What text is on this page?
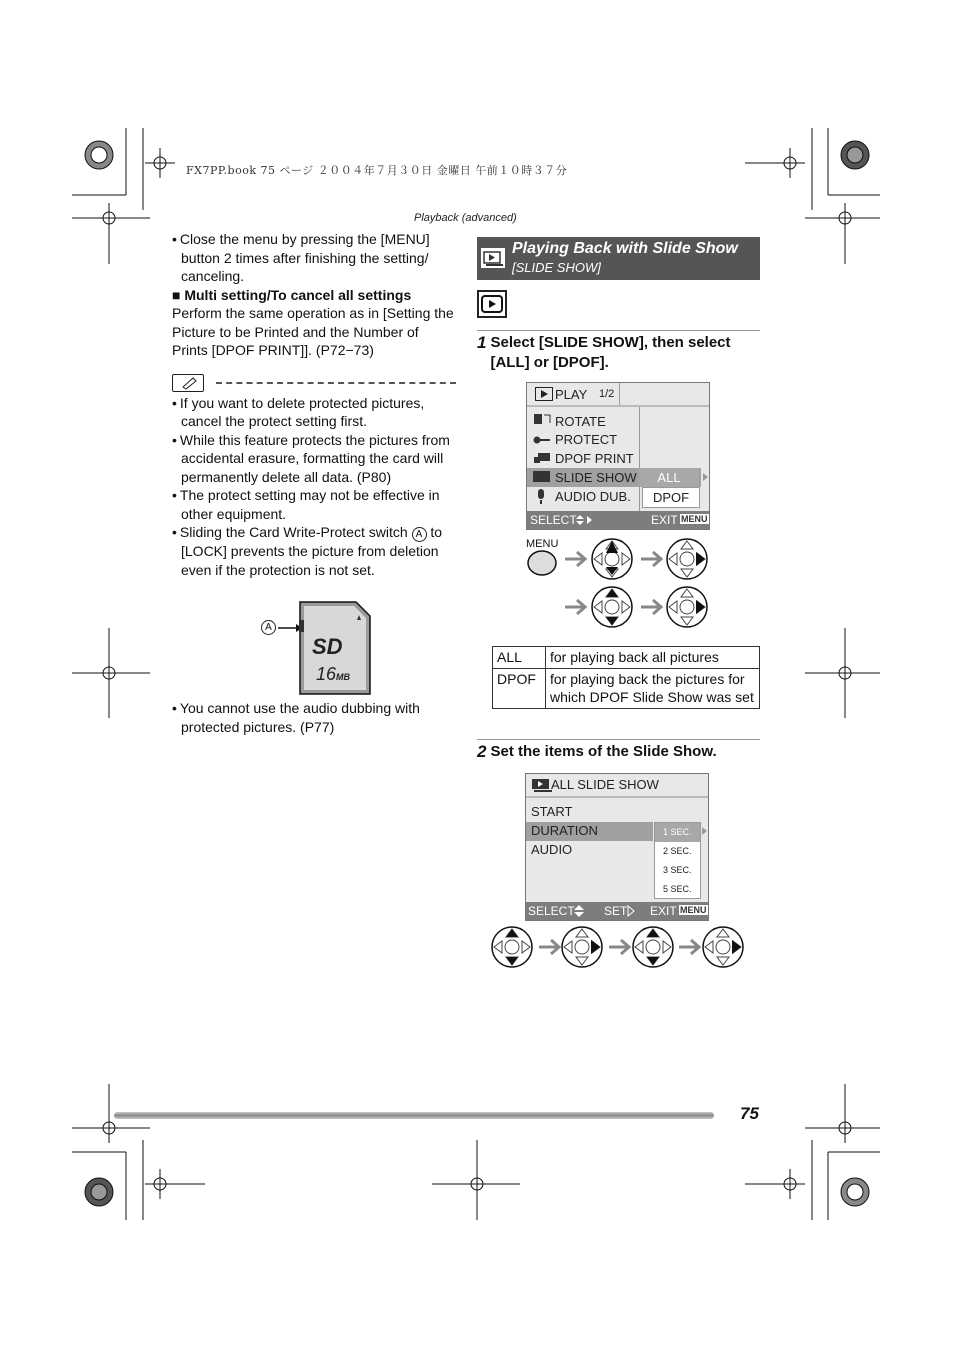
FX7PP.book 75 ページ ２００４年７月３０日 金曜日 午前１０時３７分
Playback (advanced)

• Close the menu by pressing the [MENU] button 2 times after finishing the setting/ canceling.

■ Multi setting/To cancel all settings

Perform the same operation as in [Setting the Picture to be Printed and the Number of Prints [DPOF PRINT]]. (P72−73)

• If you want to delete protected pictures, cancel the protect setting first.

• While this feature protects the pictures from accidental erasure, formatting the card will permanently delete all data. (P80)

• The protect setting may not be effective in other equipment.

• Sliding the Card Write-Protect switch A to [LOCK] prevents the picture from deletion even if the protection is not set.

A
SD
16MB

• You cannot use the audio dubbing with protected pictures. (P77)

Playing Back with Slide Show
[SLIDE SHOW]
1 Select [SLIDE SHOW], then select [ALL] or [DPOF].
PLAY 1/2
ROTATE
PROTECT
DPOF PRINT
SLIDE SHOW
AUDIO DUB.
ALL
DPOF
SELECT	EXIT MENU
MENU
ALL	for playing back all pictures
DPOF	for playing back the pictures for which DPOF Slide Show was set
2 Set the items of the Slide Show.
ALL SLIDE SHOW
START
DURATION
AUDIO
1 SEC.
2 SEC.
3 SEC.
5 SEC.
SELECT SET EXIT MENU
75
